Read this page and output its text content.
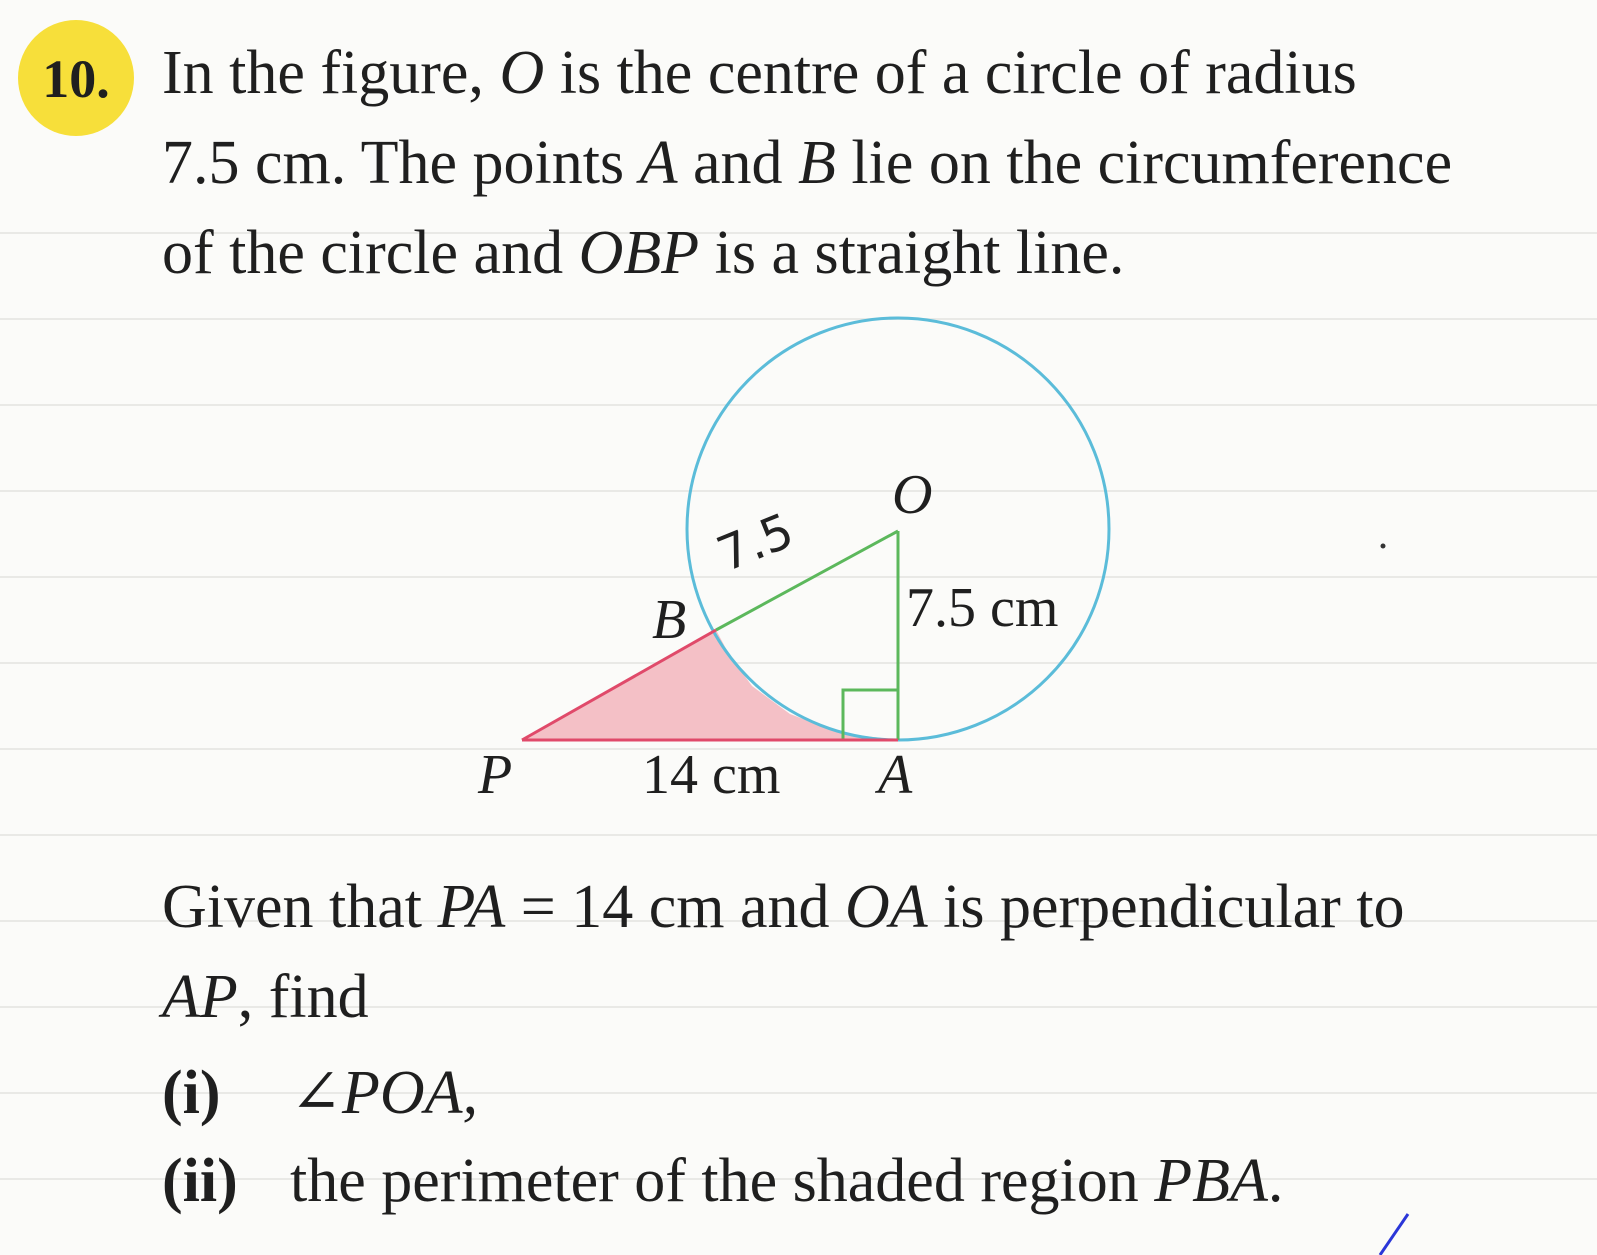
10. In the figure, O is the centre of a circle of radius
7.5 cm. The points A and B lie on the circumference
of the circle and OBP is a straight line.
O
B
P	A
7.5 cm
14 cm
7.5
Given that PA = 14 cm and OA is perpendicular to
AP, find
(i) ∠POA,
(ii) the perimeter of the shaded region PBA.
